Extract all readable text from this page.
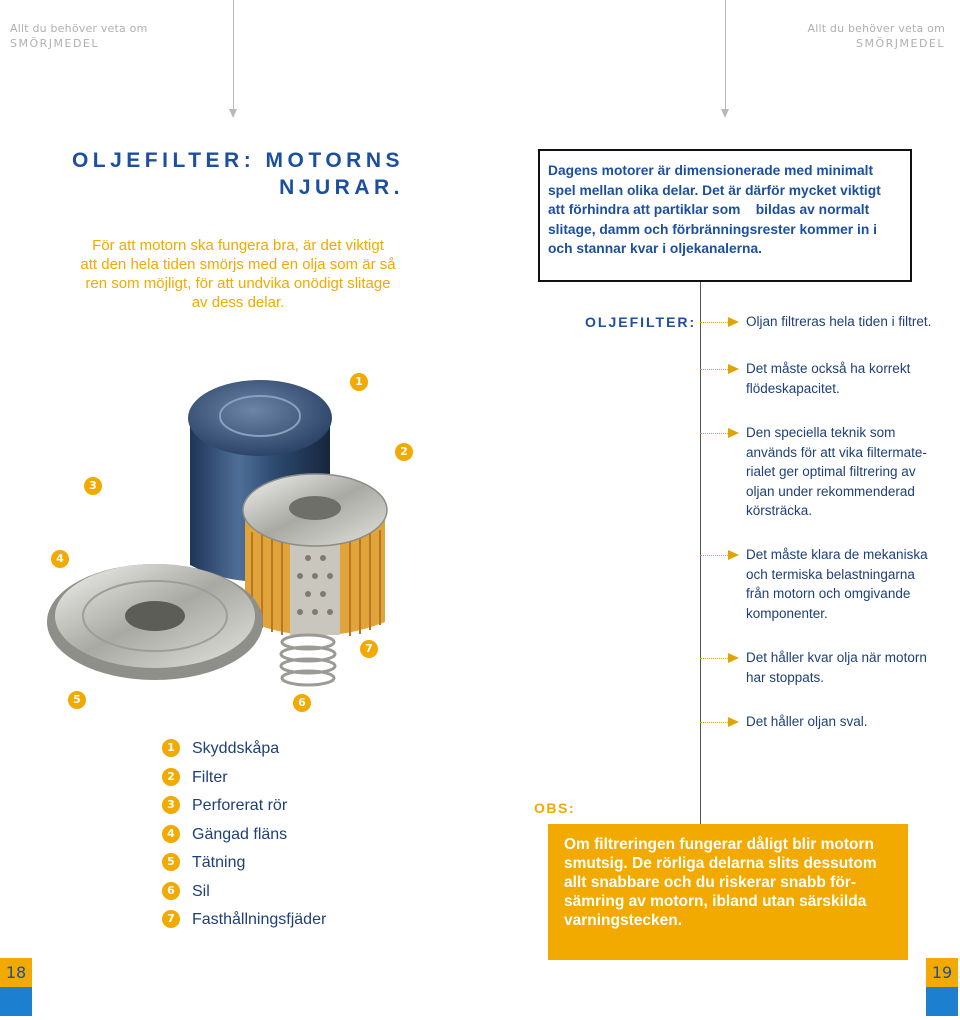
Allt du behöver veta om
SMÖRJMEDEL
Allt du behöver veta om
SMÖRJMEDEL
OLJEFILTER: MOTORNS
NJURAR.
För att motorn ska fungera bra, är det viktigt
att den hela tiden smörjs med en olja som är så
ren som möjligt, för att undvika onödigt slitage
av dess delar.
1
2
3
4
5	6
7
1	Skyddskåpa
2	Filter
3	Perforerat rör
4	Gängad fläns
5	Tätning
6	Sil
7	Fasthållningsfjäder
Dagens motorer är dimensionerade med minimalt
spel mellan olika delar. Det är därför mycket viktigt
att förhindra att partiklar som    bildas av normalt
slitage, damm och förbränningsrester kommer in i
och stannar kvar i oljekanalerna.
OLJEFILTER:	Oljan filtreras hela tiden i filtret.
Det måste också ha korrekt
flödeskapacitet.
Den speciella teknik som
används för att vika filtermate-
rialet ger optimal filtrering av
oljan under rekommenderad
körsträcka.
Det måste klara de mekaniska
och termiska belastningarna
från motorn och omgivande
komponenter.
Det håller kvar olja när motorn
har stoppats.
Det håller oljan sval.
OBS:
Om filtreringen fungerar dåligt blir motorn
smutsig. De rörliga delarna slits dessutom
allt snabbare och du riskerar snabb för-
sämring av motorn, ibland utan särskilda
varningstecken.
18	19
